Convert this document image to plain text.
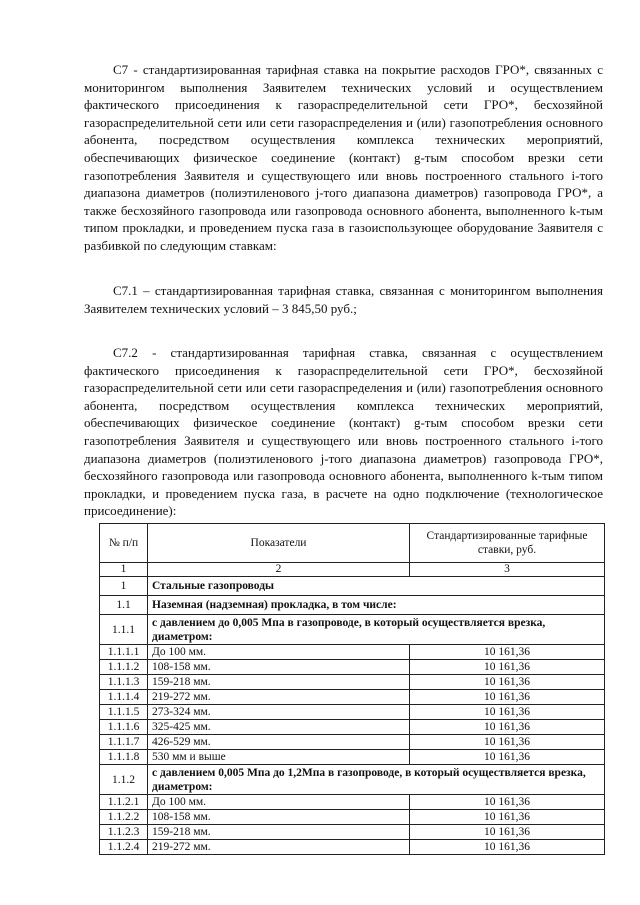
С7 - стандартизированная тарифная ставка на покрытие расходов ГРО*, связанных с мониторингом выполнения Заявителем технических условий и осуществлением фактического присоединения к газораспределительной сети ГРО*, бесхозяйной газораспределительной сети или сети газораспределения и (или) газопотребления основного абонента, посредством осуществления комплекса технических мероприятий, обеспечивающих физическое соединение (контакт) g-тым способом врезки сети газопотребления Заявителя и существующего или вновь построенного стального i-того диапазона диаметров (полиэтиленового j-того диапазона диаметров) газопровода ГРО*, а также бесхозяйного газопровода или газопровода основного абонента, выполненного k-тым типом прокладки, и проведением пуска газа в газоиспользующее оборудование Заявителя с разбивкой по следующим ставкам:

С7.1 – стандартизированная тарифная ставка, связанная с мониторингом выполнения Заявителем технических условий – 3 845,50 руб.;

С7.2 - стандартизированная тарифная ставка, связанная с осуществлением фактического присоединения к газораспределительной сети ГРО*, бесхозяйной газораспределительной сети или сети газораспределения и (или) газопотребления основного абонента, посредством осуществления комплекса технических мероприятий, обеспечивающих физическое соединение (контакт) g-тым способом врезки сети газопотребления Заявителя и существующего или вновь построенного стального i-того диапазона диаметров (полиэтиленового j-того диапазона диаметров) газопровода ГРО*, бесхозяйного газопровода или газопровода основного абонента, выполненного k-тым типом прокладки, и проведением пуска газа, в расчете на одно подключение (технологическое присоединение):

№ п/п	Показатели	Стандартизированные тарифные ставки, руб.
1	2	3
1	Стальные газопроводы	
1.1	Наземная (надземная) прокладка, в том числе:	
1.1.1	с давлением до 0,005 Мпа в газопроводе, в который осуществляется врезка, диаметром:	
1.1.1.1	До 100 мм.	10 161,36
1.1.1.2	108-158 мм.	10 161,36
1.1.1.3	159-218 мм.	10 161,36
1.1.1.4	219-272 мм.	10 161,36
1.1.1.5	273-324 мм.	10 161,36
1.1.1.6	325-425 мм.	10 161,36
1.1.1.7	426-529 мм.	10 161,36
1.1.1.8	530 мм и выше	10 161,36
1.1.2	с давлением 0,005 Мпа до 1,2Мпа в газопроводе, в который осуществляется врезка, диаметром:	
1.1.2.1	До 100 мм.	10 161,36
1.1.2.2	108-158 мм.	10 161,36
1.1.2.3	159-218 мм.	10 161,36
1.1.2.4	219-272 мм.	10 161,36
